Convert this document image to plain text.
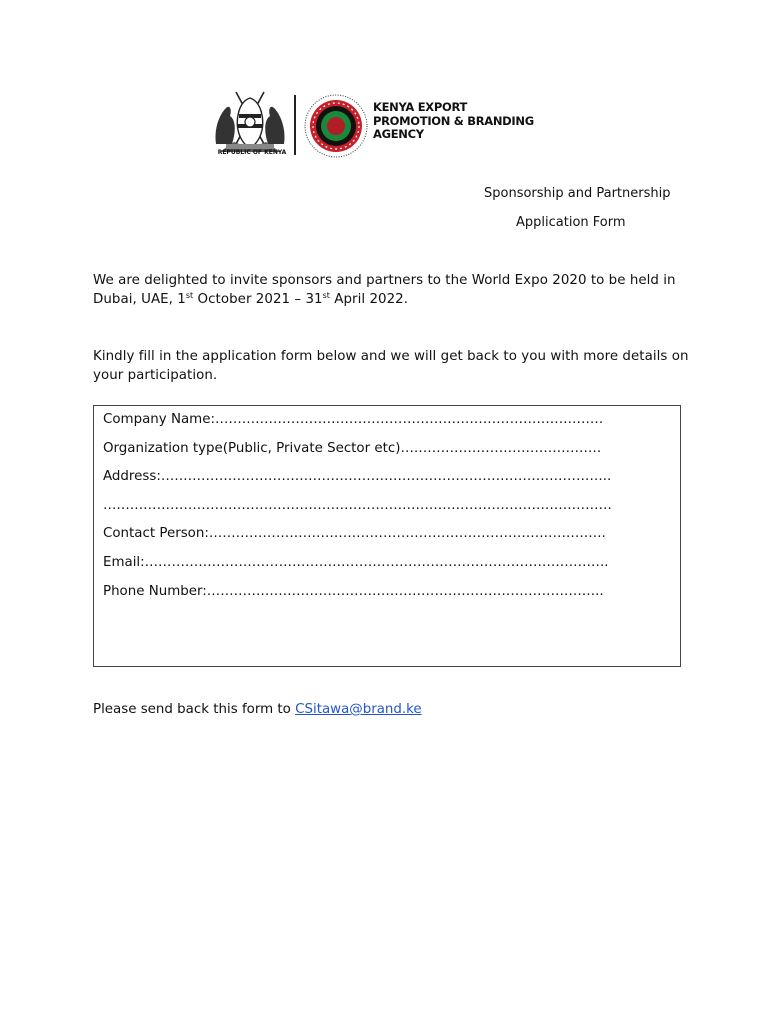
REPUBLIC OF KENYA
KENYA EXPORT
PROMOTION & BRANDING
AGENCY
Sponsorship and Partnership
Application Form
We are delighted to invite sponsors and partners to the World Expo 2020 to be held in Dubai, UAE, 1st October 2021 – 31st April 2022.
Kindly fill in the application form below and we will get back to you with more details on your participation.
Company Name:……………………………………………………………………………
Organization type(Public, Private Sector etc)………………………………………
Address:………………………………………………………………………………………..
……………………………………………………………………………………………………
Contact Person:……………………………………………………………………………..
Email:…………………………………………………………………………………………..
Phone Number:……………………………………………………………………………..
Please send back this form to CSitawa@brand.ke
